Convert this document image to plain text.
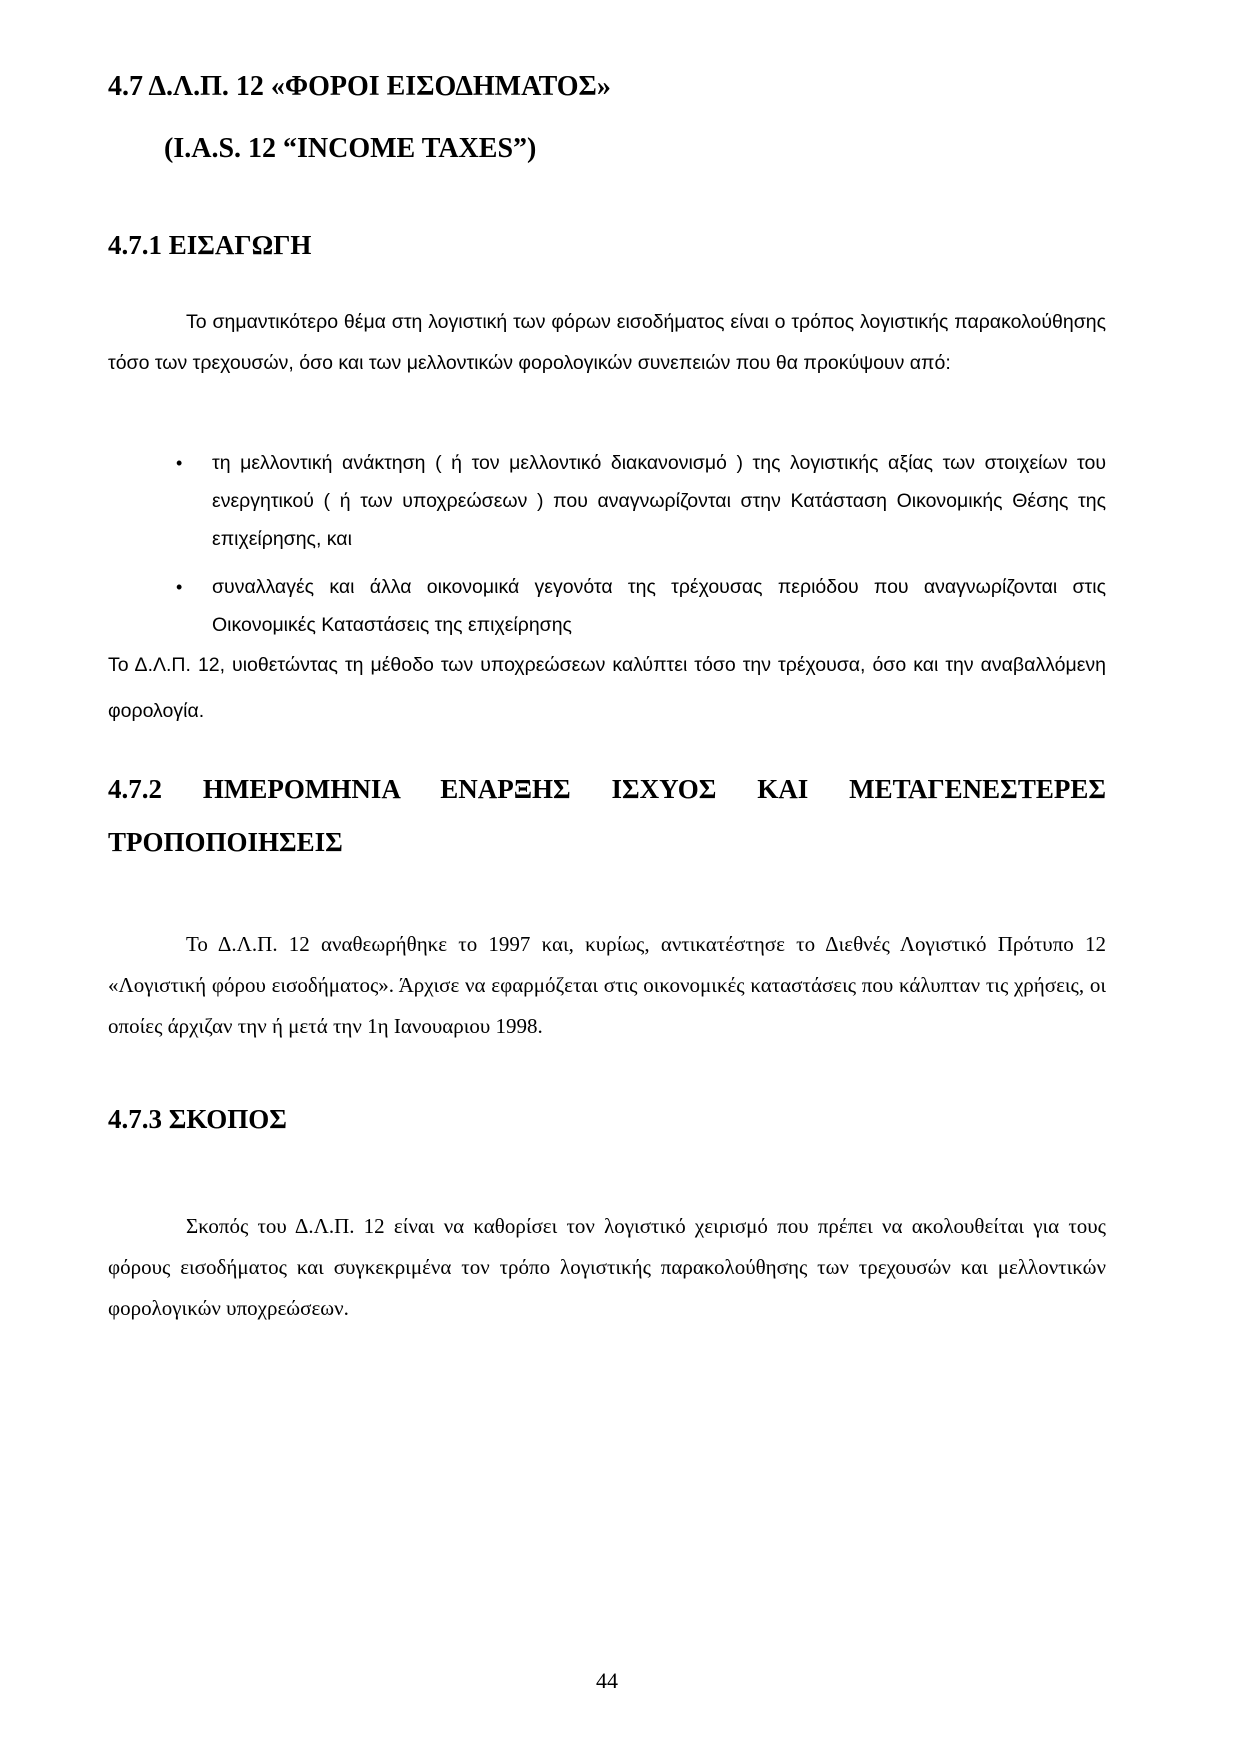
4.7 Δ.Λ.Π. 12 «ΦΟΡΟΙ ΕΙΣΟΔΗΜΑΤΟΣ»
(I.A.S. 12 “INCOME TAXES”)
4.7.1 ΕΙΣΑΓΩΓΗ

Το σημαντικότερο θέμα στη λογιστική των φόρων εισοδήματος είναι ο τρόπος λογιστικής παρακολούθησης τόσο των τρεχουσών, όσο και των μελλοντικών φορολογικών συνεπειών που θα προκύψουν από:

• τη μελλοντική ανάκτηση ( ή τον μελλοντικό διακανονισμό ) της λογιστικής αξίας των στοιχείων του ενεργητικού ( ή των υποχρεώσεων ) που αναγνωρίζονται στην Κατάσταση Οικονομικής Θέσης της επιχείρησης, και
• συναλλαγές και άλλα οικονομικά γεγονότα της τρέχουσας περιόδου που αναγνωρίζονται στις Οικονομικές Καταστάσεις της επιχείρησης

Το Δ.Λ.Π. 12, υιοθετώντας τη μέθοδο των υποχρεώσεων καλύπτει τόσο την τρέχουσα, όσο και την αναβαλλόμενη φορολογία.

4.7.2 ΗΜΕΡΟΜΗΝΙΑ ΕΝΑΡΞΗΣ ΙΣΧΥΟΣ ΚΑΙ ΜΕΤΑΓΕΝΕΣΤΕΡΕΣ
ΤΡΟΠΟΠΟΙΗΣΕΙΣ

Το Δ.Λ.Π. 12 αναθεωρήθηκε το 1997 και, κυρίως, αντικατέστησε το Διεθνές Λογιστικό Πρότυπο 12 «Λογιστική φόρου εισοδήματος». Άρχισε να εφαρμόζεται στις οικονομικές καταστάσεις που κάλυπταν τις χρήσεις, οι οποίες άρχιζαν την ή μετά την 1η Ιανουαριου 1998.

4.7.3 ΣΚΟΠΟΣ

Σκοπός του Δ.Λ.Π. 12 είναι να καθορίσει τον λογιστικό χειρισμό που πρέπει να ακολουθείται για τους φόρους εισοδήματος και συγκεκριμένα τον τρόπο λογιστικής παρακολούθησης των τρεχουσών και μελλοντικών φορολογικών υποχρεώσεων.

44
